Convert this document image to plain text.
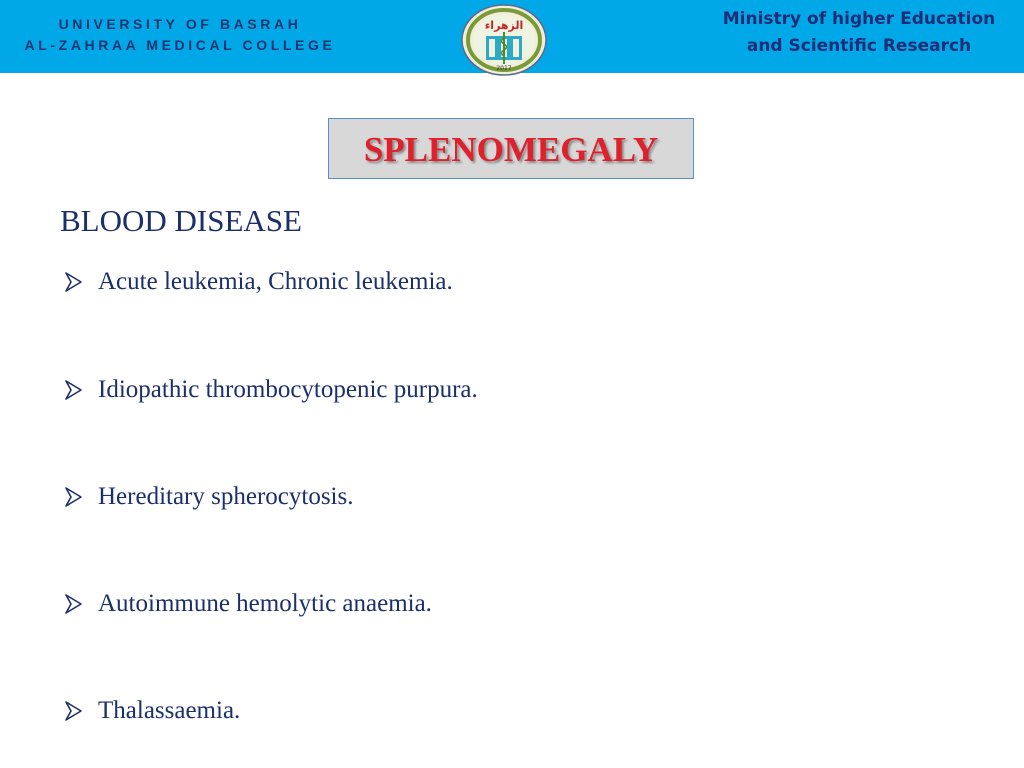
UNIVERSITY OF BASRAH
AL-ZAHRAA MEDICAL COLLEGE
الزهراء
2017
Ministry of higher Education
and Scientific Research
SPLENOMEGALY
BLOOD DISEASE
Acute leukemia, Chronic leukemia.
Idiopathic thrombocytopenic purpura.
Hereditary spherocytosis.
Autoimmune hemolytic anaemia.
Thalassaemia.
